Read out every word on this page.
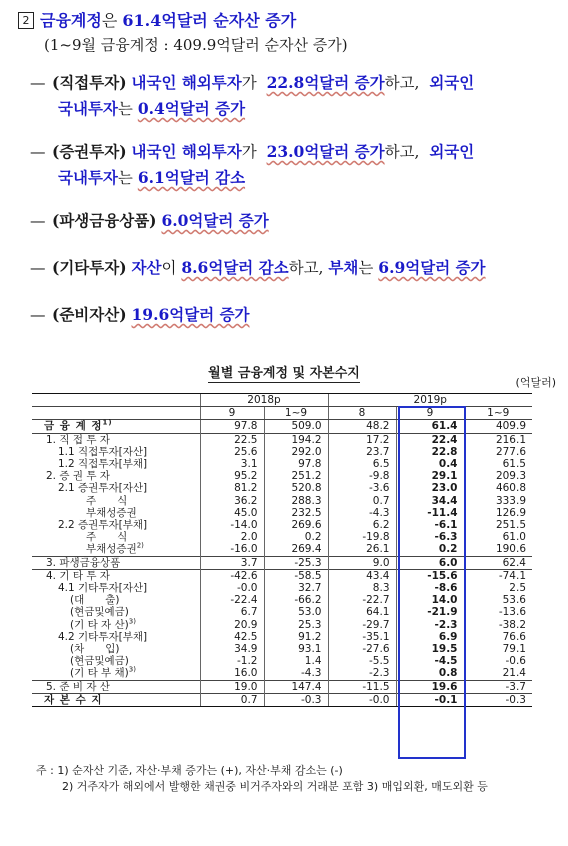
2 금융계정은 61.4억달러 순자산 증가
(1~9월 금융계정 : 409.9억달러 순자산 증가)
— (직접투자) 내국인 해외투자가 22.8억달러 증가하고, 외국인
국내투자는 0.4억달러 증가
— (증권투자) 내국인 해외투자가 23.0억달러 증가하고, 외국인
국내투자는 6.1억달러 감소
— (파생금융상품) 6.0억달러 증가
— (기타투자) 자산이 8.6억달러 감소하고, 부채는 6.9억달러 증가
— (준비자산) 19.6억달러 증가
월별 금융계정 및 자본수지
(억달러)
	2018p		2019p		
	9	1~9	8	9	1~9
금 융 계 정$^{1)}$	97.8	509.0	48.2	61.4	409.9
1. 직 접 투 자	22.5	194.2	17.2	22.4	216.1
1.1 직접투자[자산]	25.6	292.0	23.7	22.8	277.6
1.2 직접투자[부채]	3.1	97.8	6.5	0.4	61.5
2. 증 권 투 자	95.2	251.2	-9.8	29.1	209.3
2.1 증권투자[자산]	81.2	520.8	-3.6	23.0	460.8
주　　식	36.2	288.3	0.7	34.4	333.9
부채성증권	45.0	232.5	-4.3	-11.4	126.9
2.2 증권투자[부채]	-14.0	269.6	6.2	-6.1	251.5
주　　식	2.0	0.2	-19.8	-6.3	61.0
부채성증권$^{2)}$	-16.0	269.4	26.1	0.2	190.6
3. 파생금융상품	3.7	-25.3	9.0	6.0	62.4
4. 기 타 투 자	-42.6	-58.5	43.4	-15.6	-74.1
4.1 기타투자[자산]	-0.0	32.7	8.3	-8.6	2.5
(대　　출)	-22.4	-66.2	-22.7	14.0	53.6
(현금및예금)	6.7	53.0	64.1	-21.9	-13.6
(기 타 자 산)$^{3)}$	20.9	25.3	-29.7	-2.3	-38.2
4.2 기타투자[부채]	42.5	91.2	-35.1	6.9	76.6
(차　　입)	34.9	93.1	-27.6	19.5	79.1
(현금및예금)	-1.2	1.4	-5.5	-4.5	-0.6
(기 타 부 채)$^{3)}$	16.0	-4.3	-2.3	0.8	21.4
5. 준 비 자 산	19.0	147.4	-11.5	19.6	-3.7
자 본 수 지	0.7	-0.3	-0.0	-0.1	-0.3
주 : 1) 순자산 기준, 자산·부채 증가는 (+), 자산·부채 감소는 (-)
2) 거주자가 해외에서 발행한 채권중 비거주자와의 거래분 포함 3) 매입외환, 매도외환 등
